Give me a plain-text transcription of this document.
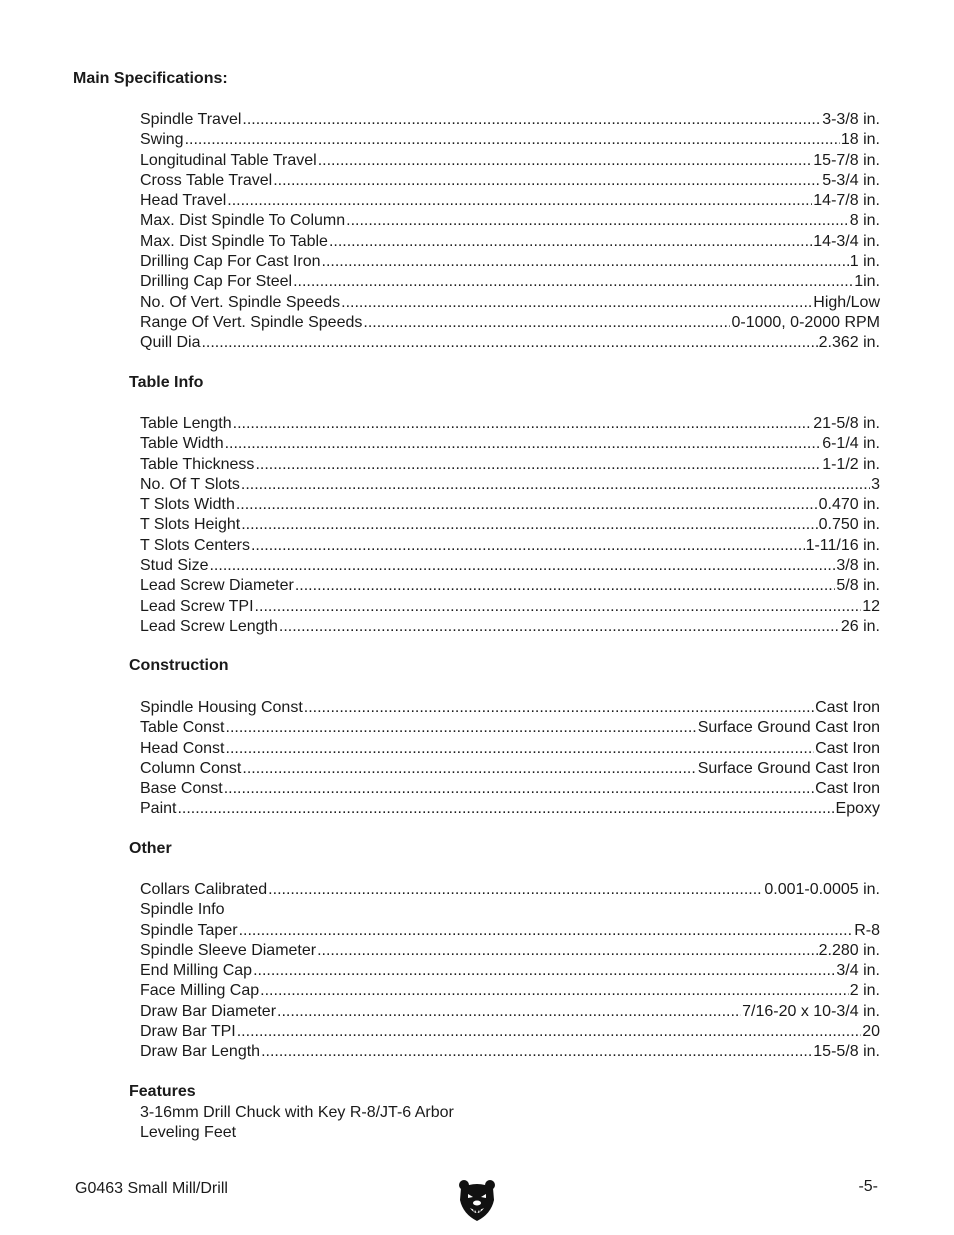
Main Specifications:
Spindle Travel .....	3-3/8 in.
Swing .....	18 in.
Longitudinal Table Travel .....	15-7/8 in.
Cross Table Travel .....	5-3/4 in.
Head Travel .....	14-7/8 in.
Max. Dist Spindle To Column .....	8 in.
Max. Dist Spindle To Table .....	14-3/4 in.
Drilling Cap For Cast Iron .....	1 in.
Drilling Cap For Steel .....	1in.
No. Of Vert. Spindle Speeds .....	High/Low
Range Of Vert. Spindle Speeds .....	0-1000, 0-2000 RPM
Quill Dia .....	2.362 in.
Table Info
Table Length .....	21-5/8 in.
Table Width .....	6-1/4 in.
Table Thickness .....	1-1/2 in.
No. Of T Slots .....	3
T Slots Width .....	0.470 in.
T Slots Height .....	0.750 in.
T Slots Centers .....	1-11/16 in.
Stud Size .....	3/8 in.
Lead Screw Diameter .....	5/8 in.
Lead Screw TPI .....	12
Lead Screw Length .....	26 in.
Construction
Spindle Housing Const .....	Cast Iron
Table Const .....	Surface Ground Cast Iron
Head Const .....	Cast Iron
Column Const .....	Surface Ground Cast Iron
Base Const .....	Cast Iron
Paint .....	Epoxy
Other
Collars Calibrated .....	0.001-0.0005 in.
Spindle Info
Spindle Taper .....	R-8
Spindle Sleeve Diameter .....	2.280 in.
End Milling Cap .....	3/4 in.
Face Milling Cap .....	2 in.
Draw Bar Diameter .....	7/16-20 x 10-3/4 in.
Draw Bar TPI .....	20
Draw Bar Length .....	15-5/8 in.
Features
3-16mm Drill Chuck with Key R-8/JT-6 Arbor
Leveling Feet
G0463 Small Mill/Drill	-5-
